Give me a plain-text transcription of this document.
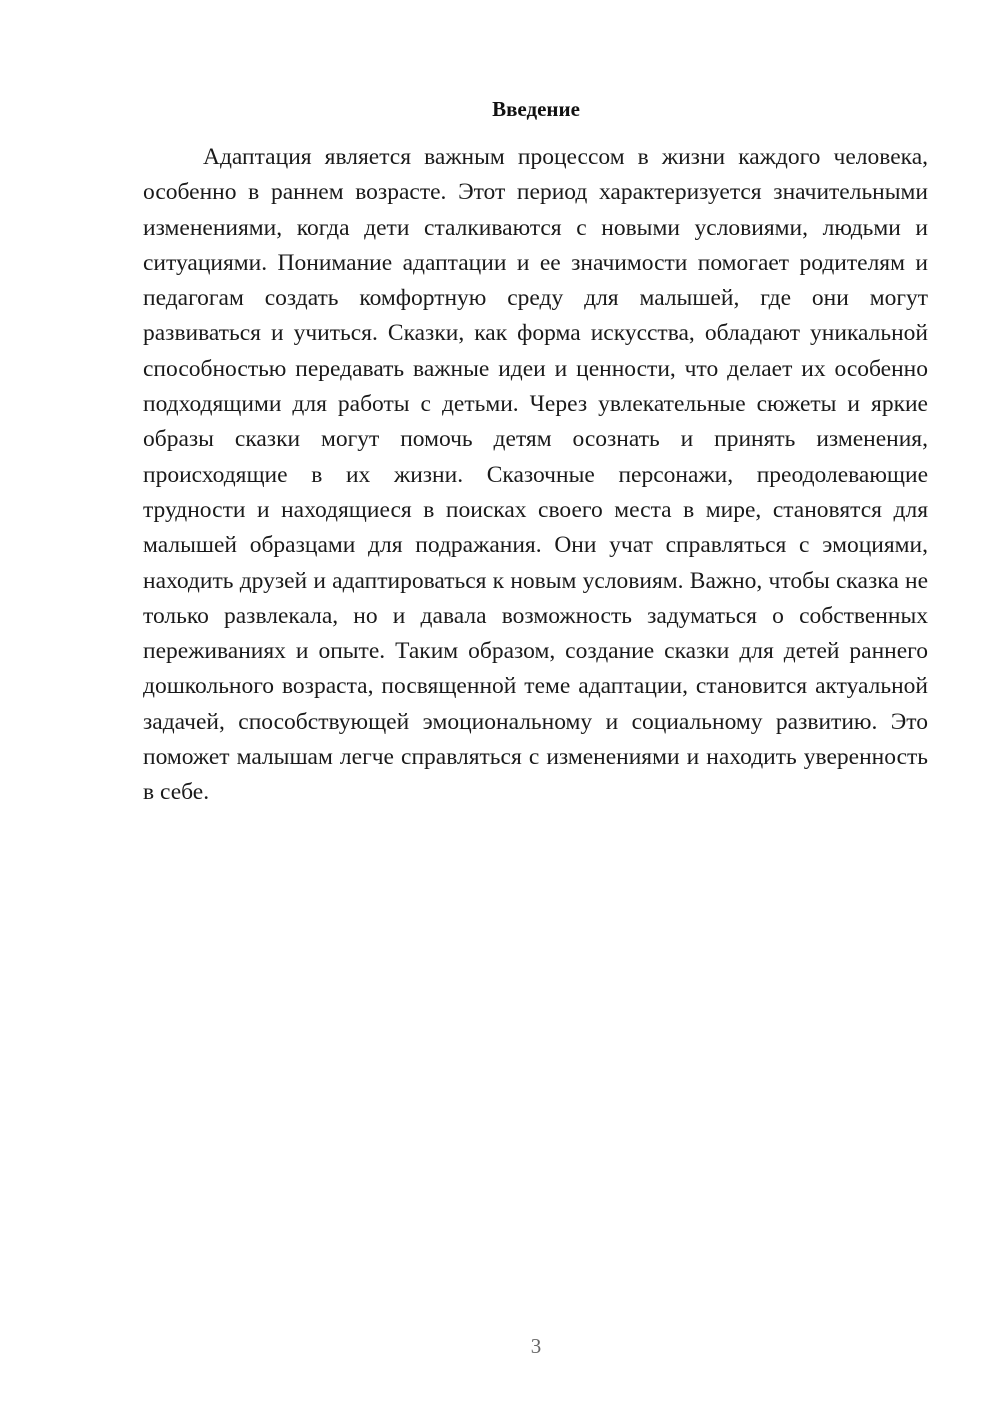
Введение

Адаптация является важным процессом в жизни каждого человека, особенно в раннем возрасте. Этот период характеризуется значительными изменениями, когда дети сталкиваются с новыми условиями, людьми и ситуациями. Понимание адаптации и ее значимости помогает родителям и педагогам создать комфортную среду для малышей, где они могут развиваться и учиться. Сказки, как форма искусства, обладают уникальной способностью передавать важные идеи и ценности, что делает их особенно подходящими для работы с детьми. Через увлекательные сюжеты и яркие образы сказки могут помочь детям осознать и принять изменения, происходящие в их жизни. Сказочные персонажи, преодолевающие трудности и находящиеся в поисках своего места в мире, становятся для малышей образцами для подражания. Они учат справляться с эмоциями, находить друзей и адаптироваться к новым условиям. Важно, чтобы сказка не только развлекала, но и давала возможность задуматься о собственных переживаниях и опыте. Таким образом, создание сказки для детей раннего дошкольного возраста, посвященной теме адаптации, становится актуальной задачей, способствующей эмоциональному и социальному развитию. Это поможет малышам легче справляться с изменениями и находить уверенность в себе.

3
